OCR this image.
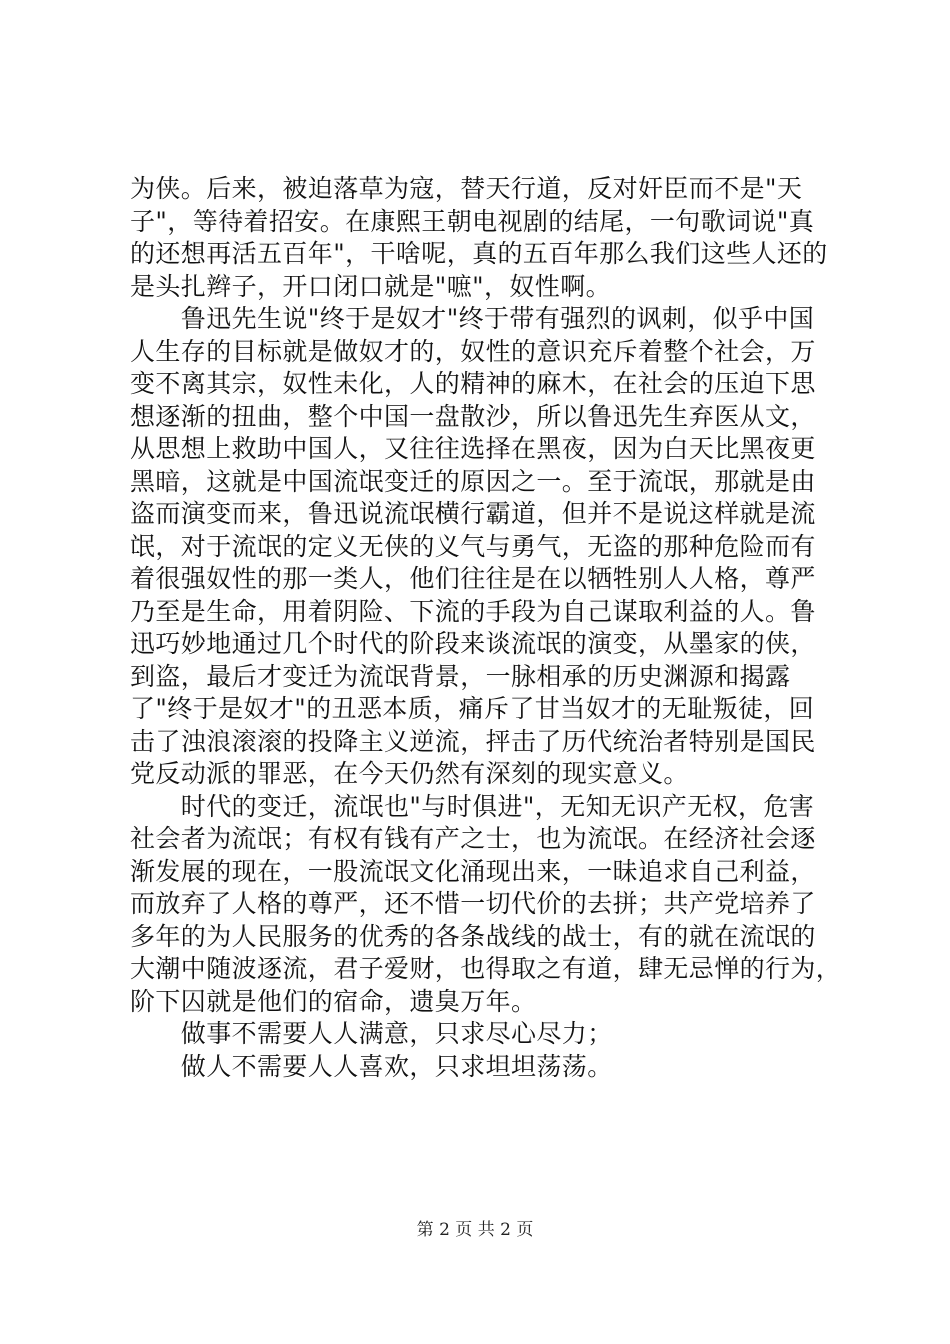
为侠。后来，被迫落草为寇，替天行道，反对奸臣而不是"天
子"，等待着招安。在康熙王朝电视剧的结尾，一句歌词说"真
的还想再活五百年"，干啥呢，真的五百年那么我们这些人还的
是头扎辫子，开口闭口就是"嗻"，奴性啊。
　　鲁迅先生说"终于是奴才"终于带有强烈的讽刺，似乎中国
人生存的目标就是做奴才的，奴性的意识充斥着整个社会，万
变不离其宗，奴性未化，人的精神的麻木，在社会的压迫下思
想逐渐的扭曲，整个中国一盘散沙，所以鲁迅先生弃医从文，
从思想上救助中国人，又往往选择在黑夜，因为白天比黑夜更
黑暗，这就是中国流氓变迁的原因之一。至于流氓，那就是由
盗而演变而来，鲁迅说流氓横行霸道，但并不是说这样就是流
氓，对于流氓的定义无侠的义气与勇气，无盗的那种危险而有
着很强奴性的那一类人，他们往往是在以牺牲别人人格，尊严
乃至是生命，用着阴险、下流的手段为自己谋取利益的人。鲁
迅巧妙地通过几个时代的阶段来谈流氓的演变，从墨家的侠，
到盗，最后才变迁为流氓背景，一脉相承的历史渊源和揭露
了"终于是奴才"的丑恶本质，痛斥了甘当奴才的无耻叛徒，回
击了浊浪滚滚的投降主义逆流，抨击了历代统治者特别是国民
党反动派的罪恶，在今天仍然有深刻的现实意义。
　　时代的变迁，流氓也"与时俱进"，无知无识产无权，危害
社会者为流氓；有权有钱有产之士，也为流氓。在经济社会逐
渐发展的现在，一股流氓文化涌现出来，一昧追求自己利益，
而放弃了人格的尊严，还不惜一切代价的去拼；共产党培养了
多年的为人民服务的优秀的各条战线的战士，有的就在流氓的
大潮中随波逐流，君子爱财，也得取之有道，肆无忌惮的行为，
阶下囚就是他们的宿命，遗臭万年。
　　做事不需要人人满意，只求尽心尽力；
　　做人不需要人人喜欢，只求坦坦荡荡。
第 2 页 共 2 页
